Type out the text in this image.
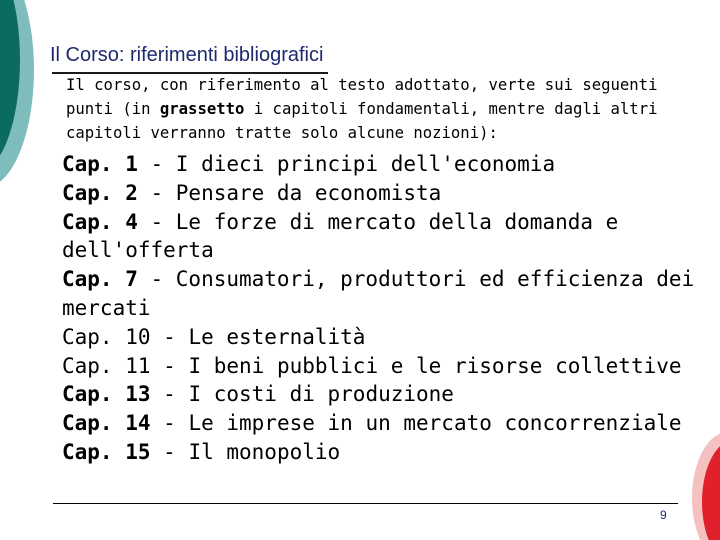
Il Corso: riferimenti bibliografici
Il corso, con riferimento al testo adottato, verte sui seguenti
punti (in grassetto i capitoli fondamentali, mentre dagli altri
capitoli verranno tratte solo alcune nozioni):
Cap. 1 - I dieci principi dell'economia
Cap. 2 - Pensare da economista
Cap. 4 - Le forze di mercato della domanda e
dell'offerta
Cap. 7 - Consumatori, produttori ed efficienza dei
mercati
Cap. 10 - Le esternalità
Cap. 11 - I beni pubblici e le risorse collettive
Cap. 13 - I costi di produzione
Cap. 14 - Le imprese in un mercato concorrenziale
Cap. 15 - Il monopolio
9
